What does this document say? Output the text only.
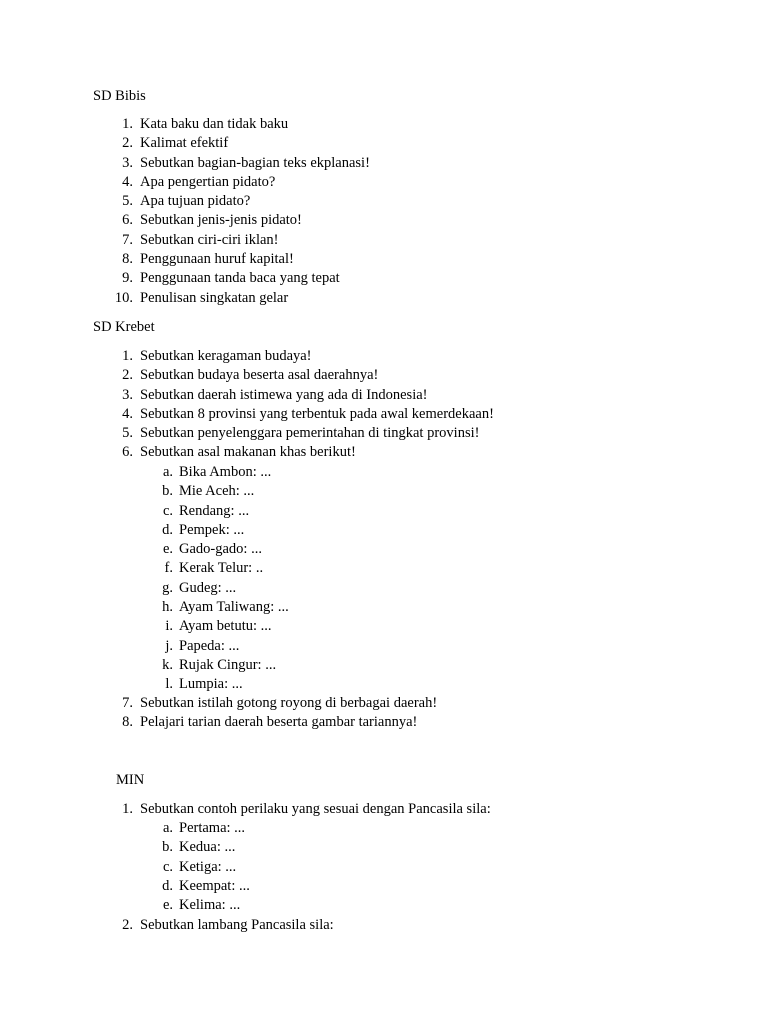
SD Bibis
1. Kata baku dan tidak baku
2. Kalimat efektif
3. Sebutkan bagian-bagian teks ekplanasi!
4. Apa pengertian pidato?
5. Apa tujuan pidato?
6. Sebutkan jenis-jenis pidato!
7. Sebutkan ciri-ciri iklan!
8. Penggunaan huruf kapital!
9. Penggunaan tanda baca yang tepat
10. Penulisan singkatan gelar
SD Krebet
1. Sebutkan keragaman budaya!
2. Sebutkan budaya beserta asal daerahnya!
3. Sebutkan daerah istimewa yang ada di Indonesia!
4. Sebutkan 8 provinsi yang terbentuk pada awal kemerdekaan!
5. Sebutkan penyelenggara pemerintahan di tingkat provinsi!
6. Sebutkan asal makanan khas berikut!
a. Bika Ambon: ...
b. Mie Aceh: ...
c. Rendang: ...
d. Pempek: ...
e. Gado-gado: ...
f. Kerak Telur: ..
g. Gudeg: ...
h. Ayam Taliwang: ...
i. Ayam betutu: ...
j. Papeda: ...
k. Rujak Cingur: ...
l. Lumpia: ...
7. Sebutkan istilah gotong royong di berbagai daerah!
8. Pelajari tarian daerah beserta gambar tariannya!
MIN
1. Sebutkan contoh perilaku yang sesuai dengan Pancasila sila:
a. Pertama: ...
b. Kedua: ...
c. Ketiga: ...
d. Keempat: ...
e. Kelima: ...
2. Sebutkan lambang Pancasila sila:
